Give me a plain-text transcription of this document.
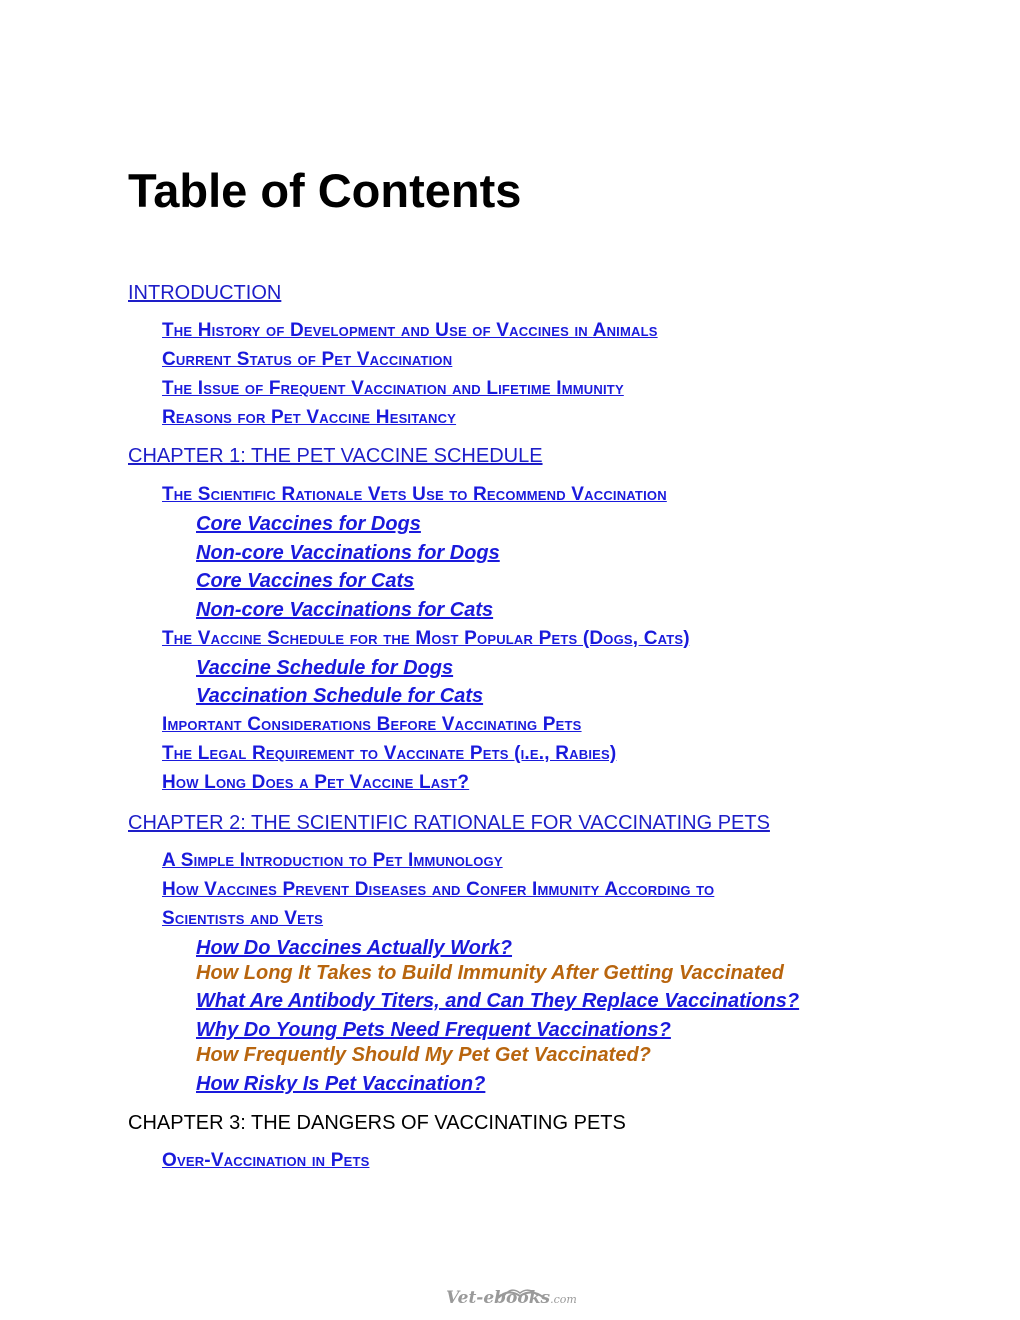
Table of Contents
INTRODUCTION
The History of Development and Use of Vaccines in Animals
Current Status of Pet Vaccination
The Issue of Frequent Vaccination and Lifetime Immunity
Reasons for Pet Vaccine Hesitancy
CHAPTER 1: THE PET VACCINE SCHEDULE
The Scientific Rationale Vets Use to Recommend Vaccination
Core Vaccines for Dogs
Non-core Vaccinations for Dogs
Core Vaccines for Cats
Non-core Vaccinations for Cats
The Vaccine Schedule for the Most Popular Pets (Dogs, Cats)
Vaccine Schedule for Dogs
Vaccination Schedule for Cats
Important Considerations Before Vaccinating Pets
The Legal Requirement to Vaccinate Pets (i.e., Rabies)
How Long Does a Pet Vaccine Last?
CHAPTER 2: THE SCIENTIFIC RATIONALE FOR VACCINATING PETS
A Simple Introduction to Pet Immunology
How Vaccines Prevent Diseases and Confer Immunity According to
Scientists and Vets
How Do Vaccines Actually Work?
How Long It Takes to Build Immunity After Getting Vaccinated
What Are Antibody Titers, and Can They Replace Vaccinations?
Why Do Young Pets Need Frequent Vaccinations?
How Frequently Should My Pet Get Vaccinated?
How Risky Is Pet Vaccination?
CHAPTER 3: THE DANGERS OF VACCINATING PETS
Over-Vaccination in Pets
Vet-ebooks.com
